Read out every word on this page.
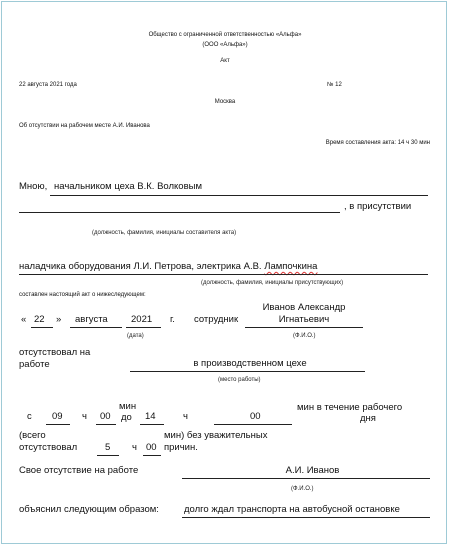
Общество с ограниченной ответственностью «Альфа»
(ООО «Альфа»)
Акт
22 августа 2021 года	№ 12
Москва
Об отсутствии на рабочем месте А.И. Иванова
Время составления акта: 14 ч 30 мин
Мною, начальником цеха В.К. Волковым
, в присутствии
(должность, фамилия, инициалы составителя акта)
наладчика оборудования Л.И. Петрова, электрика А.В. Лампочкина
(должность, фамилия, инициалы присутствующих)
составлен настоящий акт о нижеследующем:
« 22 » августа 2021 г. сотрудник
Иванов Александр
Игнатьевич
(дата)	(Ф.И.О.)
отсутствовал на
работе	в производственном цехе
(место работы)
с 09 ч 00
мин
до 14	ч	00
мин в течение рабочего
дня
(всего
отсутствовал	5 ч 00
мин) без уважительных
причин.
Свое отсутствие на работе	А.И. Иванов
(Ф.И.О.)
объяснил следующим образом:	долго ждал транспорта на автобусной остановке
